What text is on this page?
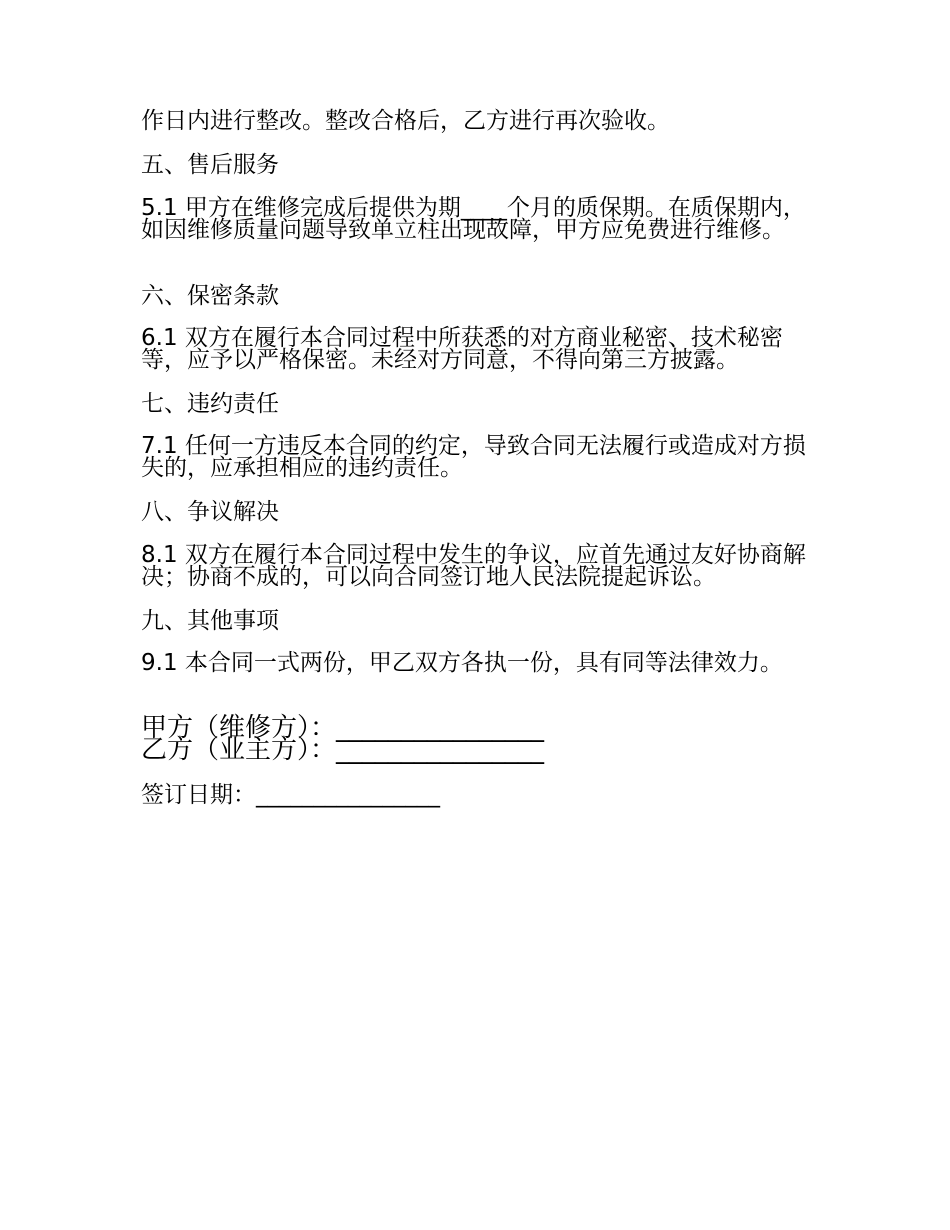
作日内进行整改。整改合格后，乙方进行再次验收。
五、售后服务
5.1 甲方在维修完成后提供为期____个月的质保期。在质保期内，如因维修质量问题导致单立柱出现故障，甲方应免费进行维修。
六、保密条款
6.1 双方在履行本合同过程中所获悉的对方商业秘密、技术秘密等，应予以严格保密。未经对方同意，不得向第三方披露。
七、违约责任
7.1 任何一方违反本合同的约定，导致合同无法履行或造成对方损失的，应承担相应的违约责任。
八、争议解决
8.1 双方在履行本合同过程中发生的争议，应首先通过友好协商解决；协商不成的，可以向合同签订地人民法院提起诉讼。
九、其他事项
9.1 本合同一式两份，甲乙双方各执一份，具有同等法律效力。
甲方（维修方）：________________
乙方（业主方）：________________
签订日期：________________
